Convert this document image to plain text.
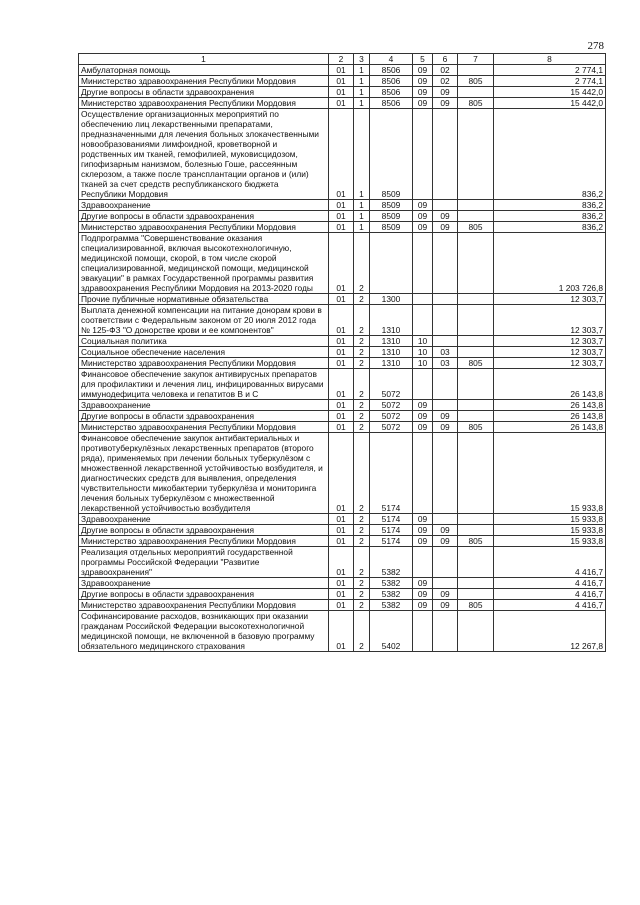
278
1	2	3	4	5	6	7	8
Амбулаторная помощь	01	1	8506	09	02		2 774,1
Министерство здравоохранения Республики Мордовия	01	1	8506	09	02	805	2 774,1
Другие вопросы в области здравоохранения	01	1	8506	09	09		15 442,0
Министерство здравоохранения Республики Мордовия	01	1	8506	09	09	805	15 442,0
Осуществление организационных мероприятий по обеспечению лиц лекарственными препаратами, предназначенными для лечения больных злокачественными новообразованиями лимфоидной, кроветворной и родственных им тканей, гемофилией, муковисцидозом, гипофизарным нанизмом, болезнью Гоше, рассеянным склерозом, а также после трансплантации органов и (или) тканей за счет средств республиканского бюджета Республики Мордовия	01	1	8509				836,2
Здравоохранение	01	1	8509	09			836,2
Другие вопросы в области здравоохранения	01	1	8509	09	09		836,2
Министерство здравоохранения Республики Мордовия	01	1	8509	09	09	805	836,2
Подпрограмма "Совершенствование оказания специализированной, включая высокотехнологичную, медицинской помощи, скорой, в том числе скорой специализированной, медицинской помощи, медицинской эвакуации" в рамках Государственной программы развития здравоохранения Республики Мордовия на 2013-2020 годы	01	2					1 203 726,8
Прочие публичные нормативные обязательства	01	2	1300				12 303,7
Выплата денежной компенсации на питание донорам крови в соответствии с Федеральным законом от 20 июля 2012 года № 125-ФЗ "О донорстве крови и ее компонентов"	01	2	1310				12 303,7
Социальная политика	01	2	1310	10			12 303,7
Социальное обеспечение населения	01	2	1310	10	03		12 303,7
Министерство здравоохранения Республики Мордовия	01	2	1310	10	03	805	12 303,7
Финансовое обеспечение закупок антивирусных препаратов для профилактики и лечения лиц, инфицированных вирусами иммунодефицита человека и гепатитов В и С	01	2	5072				26 143,8
Здравоохранение	01	2	5072	09			26 143,8
Другие вопросы в области здравоохранения	01	2	5072	09	09		26 143,8
Министерство здравоохранения Республики Мордовия	01	2	5072	09	09	805	26 143,8
Финансовое обеспечение закупок антибактериальных и противотуберкулёзных лекарственных препаратов (второго ряда), применяемых при лечении больных туберкулёзом с множественной лекарственной устойчивостью возбудителя, и диагностических средств для выявления, определения чувствительности микобактерии туберкулёза и мониторинга лечения больных туберкулёзом с множественной лекарственной устойчивостью возбудителя	01	2	5174				15 933,8
Здравоохранение	01	2	5174	09			15 933,8
Другие вопросы в области здравоохранения	01	2	5174	09	09		15 933,8
Министерство здравоохранения Республики Мордовия	01	2	5174	09	09	805	15 933,8
Реализация отдельных мероприятий государственной программы Российской Федерации "Развитие здравоохранения"	01	2	5382				4 416,7
Здравоохранение	01	2	5382	09			4 416,7
Другие вопросы в области здравоохранения	01	2	5382	09	09		4 416,7
Министерство здравоохранения Республики Мордовия	01	2	5382	09	09	805	4 416,7
Софинансирование расходов, возникающих при оказании гражданам Российской Федерации высокотехнологичной медицинской помощи, не включенной в базовую программу обязательного медицинского страхования	01	2	5402				12 267,8
